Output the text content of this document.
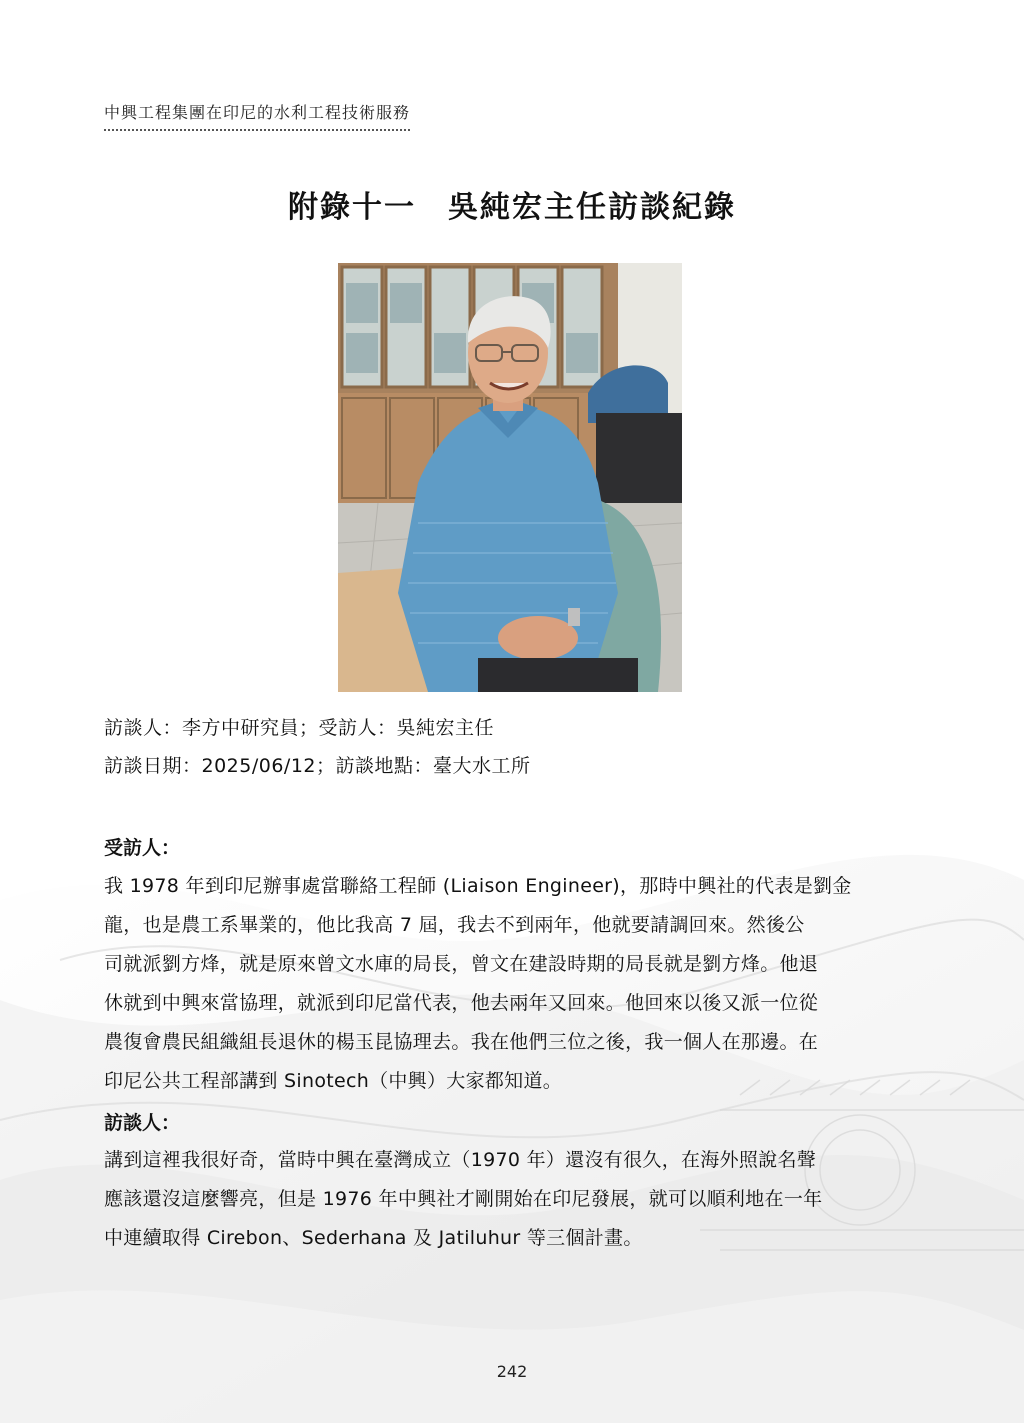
中興工程集團在印尼的水利工程技術服務
附錄十一　吳純宏主任訪談紀錄
訪談人：李方中研究員；受訪人：吳純宏主任
訪談日期：2025/06/12；訪談地點：臺大水工所
受訪人：
我 1978 年到印尼辦事處當聯絡工程師 (Liaison Engineer)，那時中興社的代表是劉金
龍，也是農工系畢業的，他比我高 7 屆，我去不到兩年，他就要請調回來。然後公
司就派劉方烽，就是原來曾文水庫的局長，曾文在建設時期的局長就是劉方烽。他退
休就到中興來當協理，就派到印尼當代表，他去兩年又回來。他回來以後又派一位從
農復會農民組織組長退休的楊玉昆協理去。我在他們三位之後，我一個人在那邊。在
印尼公共工程部講到 Sinotech（中興）大家都知道。
訪談人：
講到這裡我很好奇，當時中興在臺灣成立（1970 年）還沒有很久，在海外照說名聲
應該還沒這麼響亮，但是 1976 年中興社才剛開始在印尼發展，就可以順利地在一年
中連續取得 Cirebon、Sederhana 及 Jatiluhur 等三個計畫。
242
